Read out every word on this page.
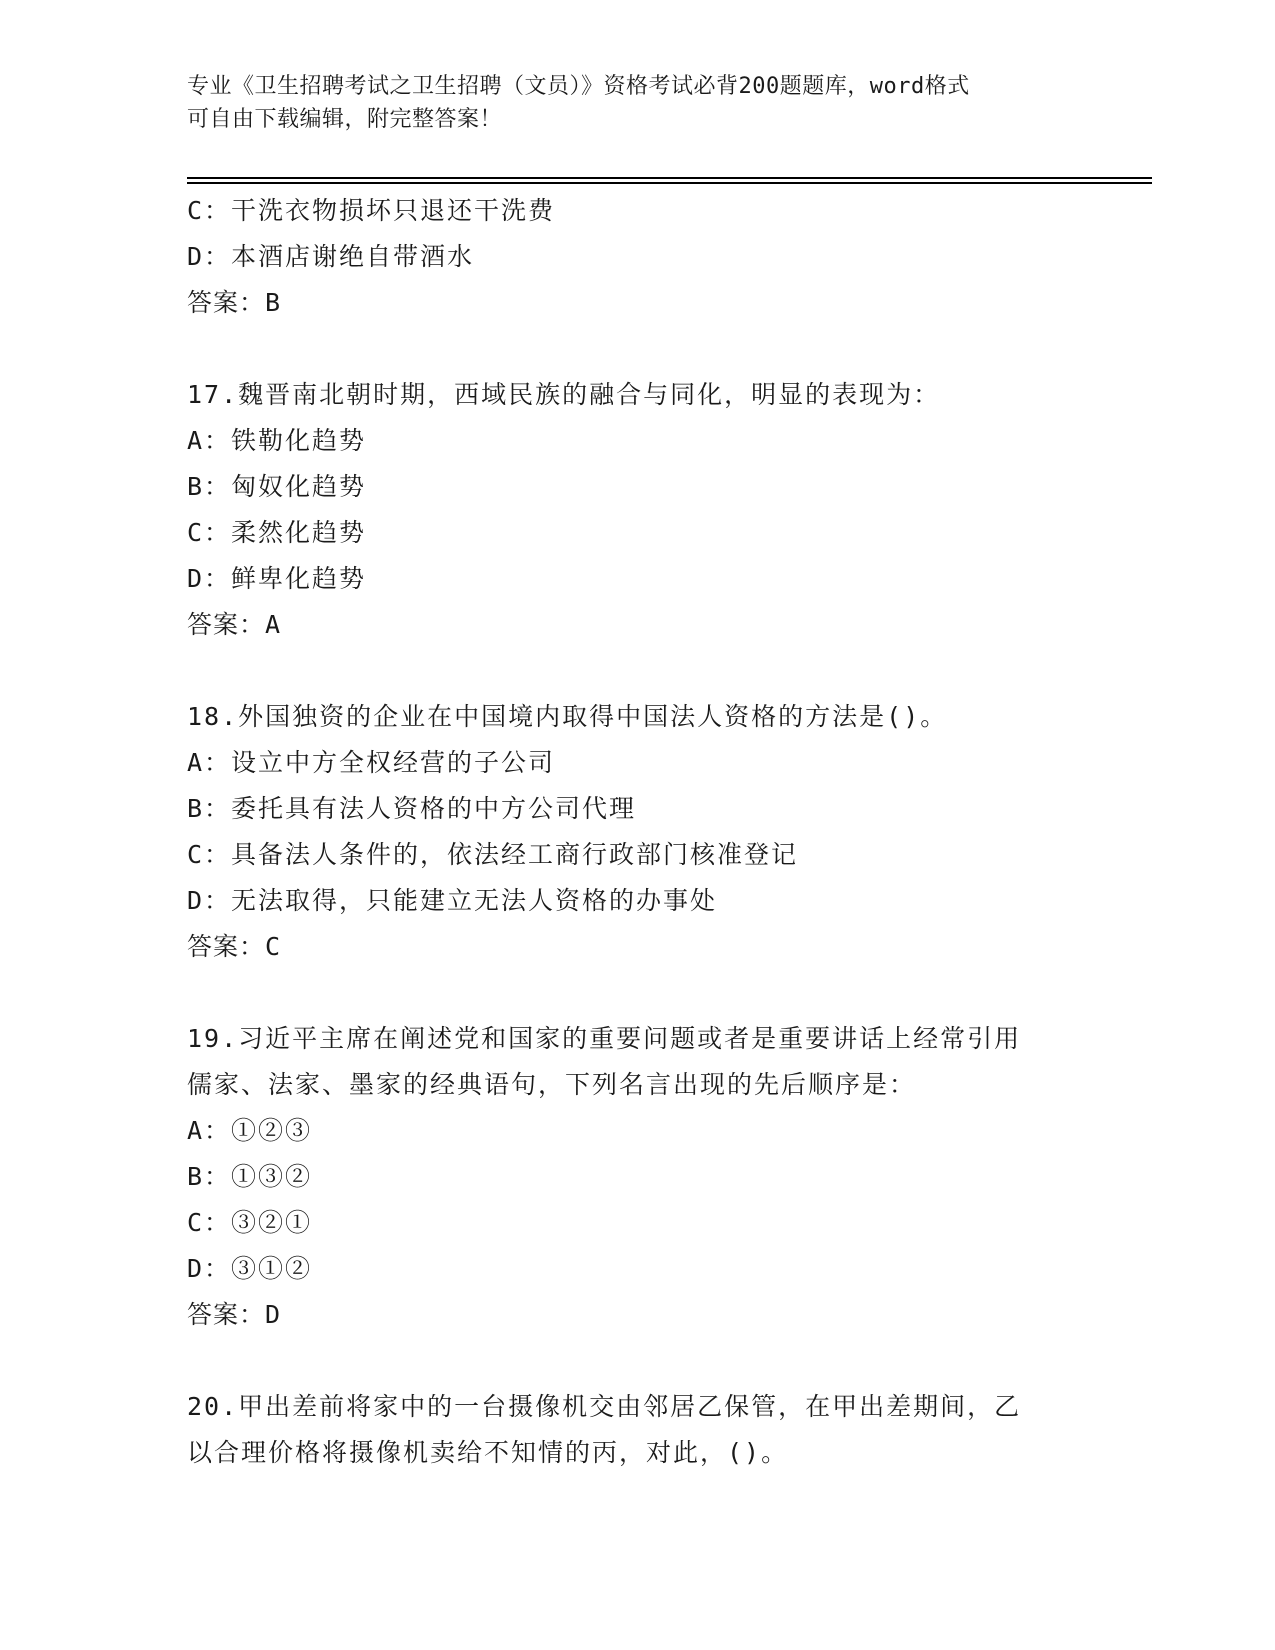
专业《卫生招聘考试之卫生招聘（文员）》资格考试必背200题题库，word格式
可自由下载编辑，附完整答案！
C：干洗衣物损坏只退还干洗费
D：本酒店谢绝自带酒水
答案：B
17.魏晋南北朝时期，西域民族的融合与同化，明显的表现为：
A：铁勒化趋势
B：匈奴化趋势
C：柔然化趋势
D：鲜卑化趋势
答案：A
18.外国独资的企业在中国境内取得中国法人资格的方法是()。
A：设立中方全权经营的子公司
B：委托具有法人资格的中方公司代理
C：具备法人条件的，依法经工商行政部门核准登记
D：无法取得，只能建立无法人资格的办事处
答案：C
19.习近平主席在阐述党和国家的重要问题或者是重要讲话上经常引用
儒家、法家、墨家的经典语句，下列名言出现的先后顺序是：
A：①②③
B：①③②
C：③②①
D：③①②
答案：D
20.甲出差前将家中的一台摄像机交由邻居乙保管，在甲出差期间，乙
以合理价格将摄像机卖给不知情的丙，对此，()。
